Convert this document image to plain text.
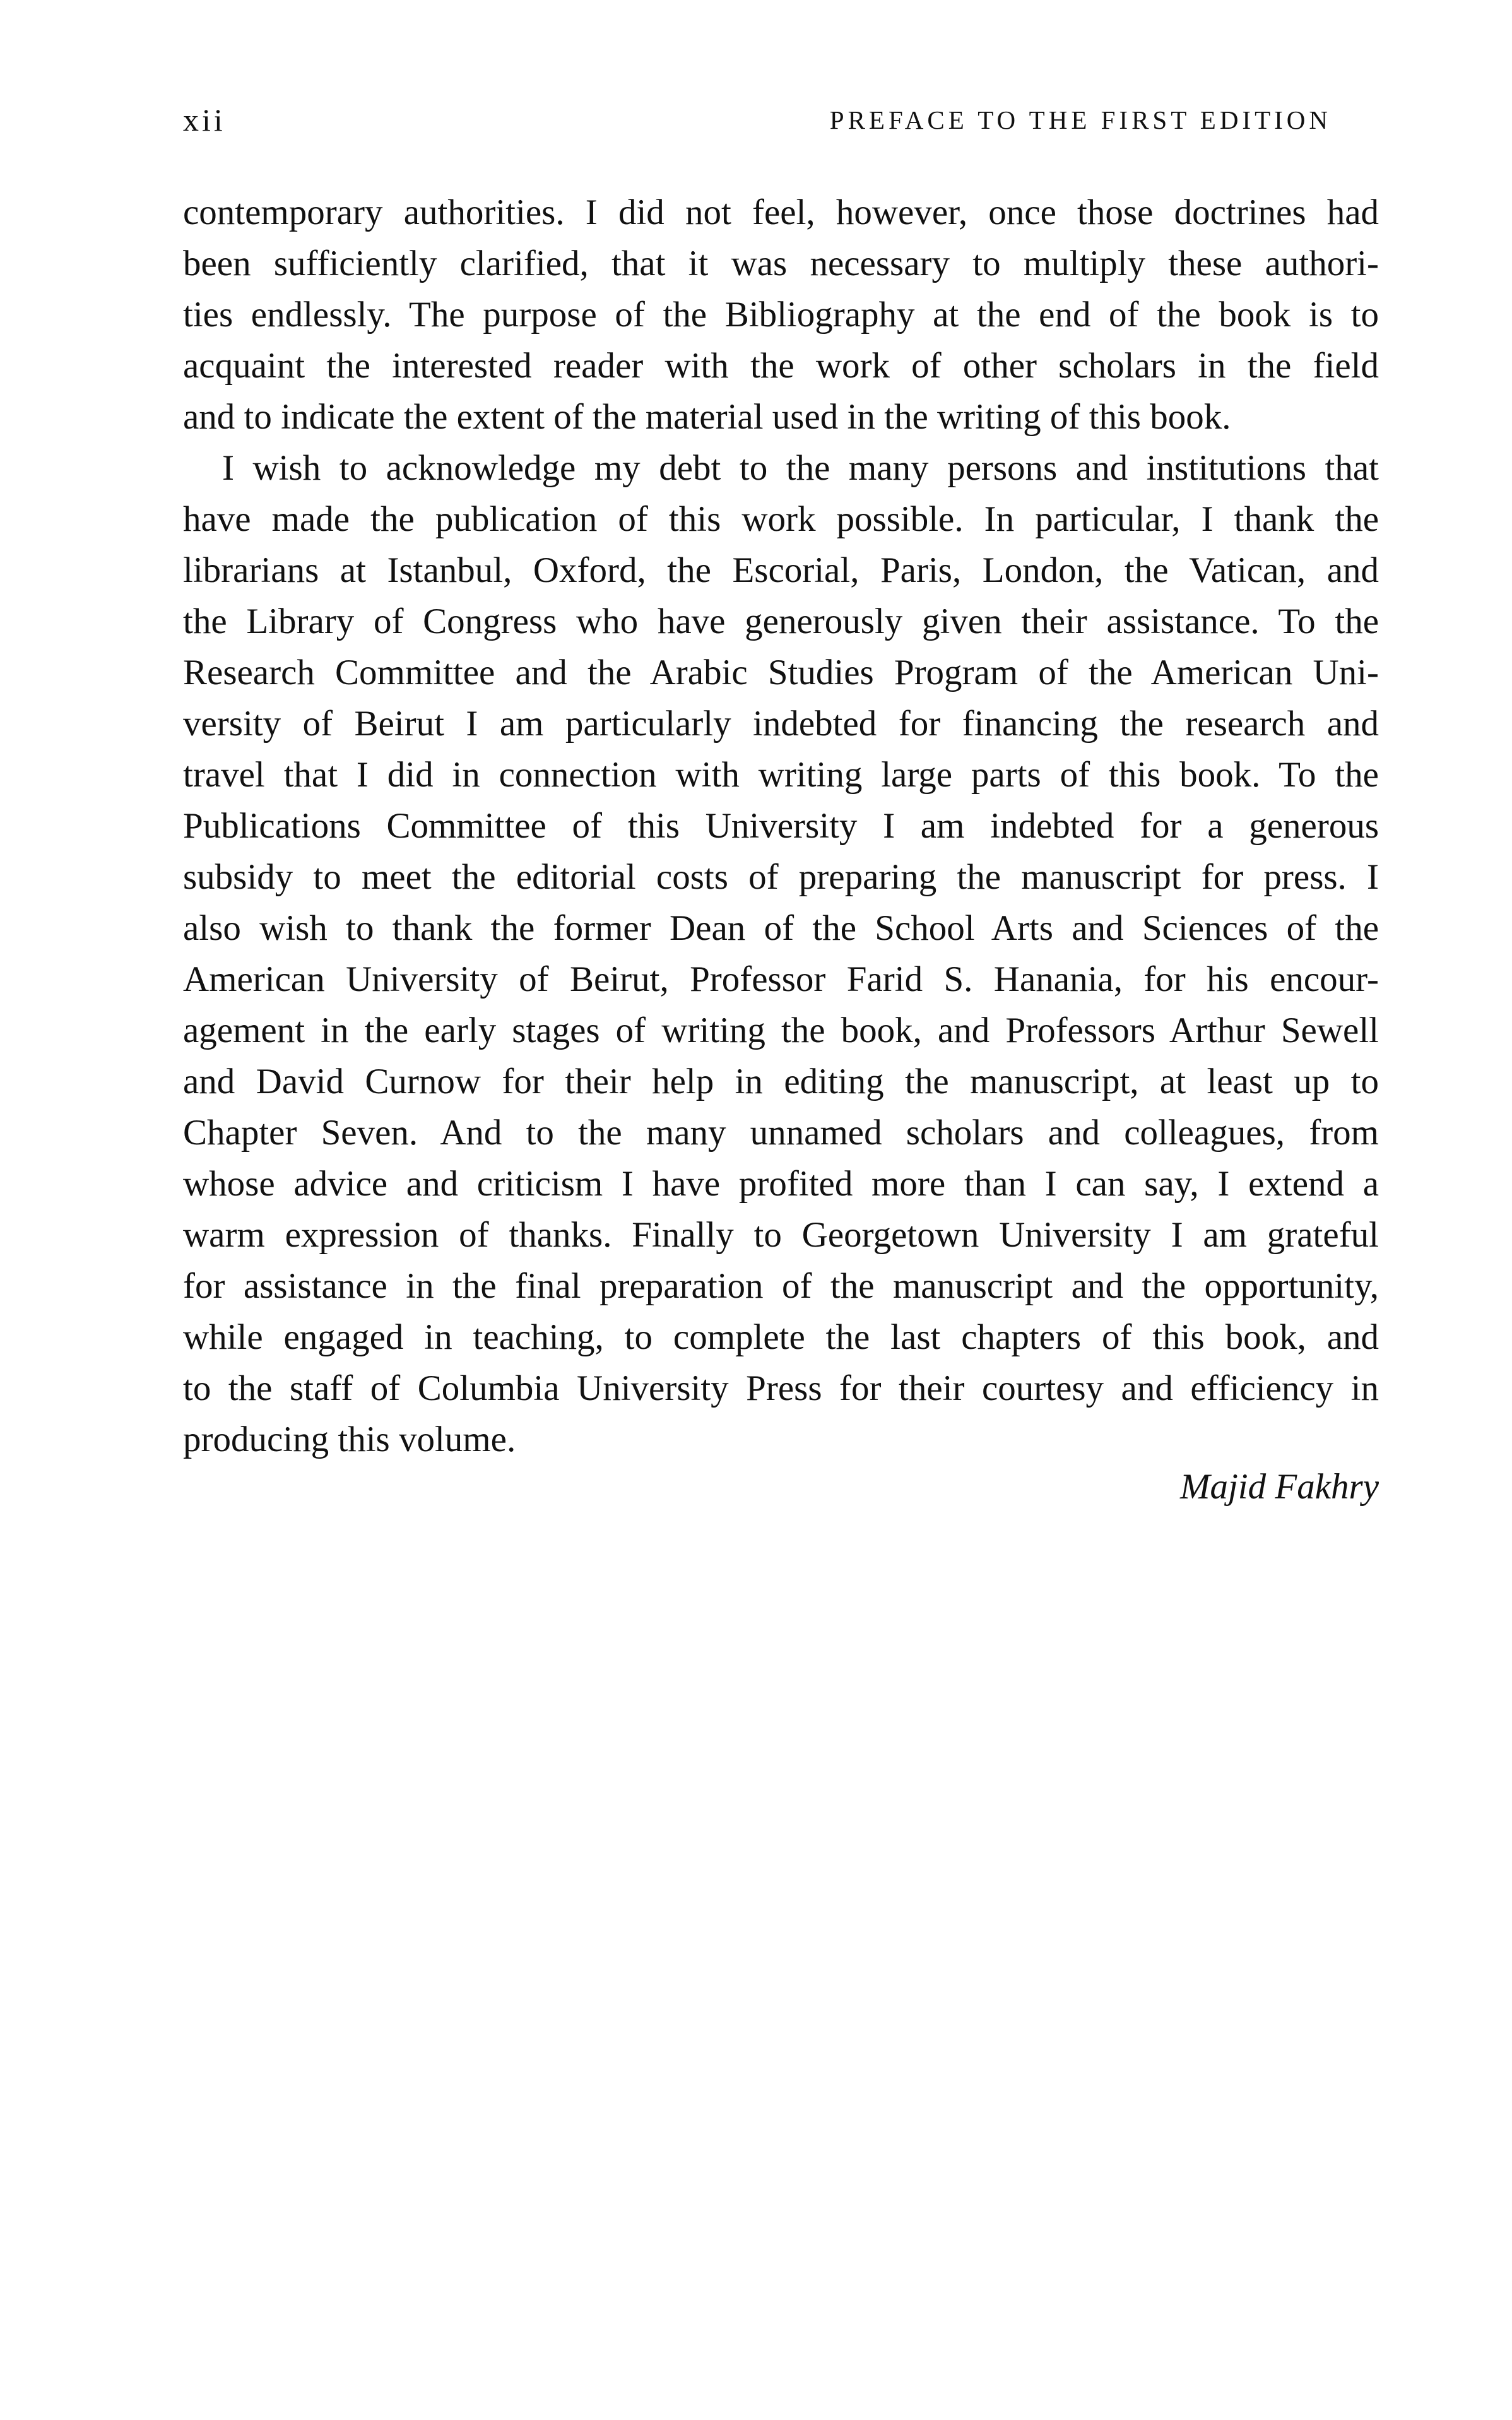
xii	PREFACE TO THE FIRST EDITION
contemporary authorities. I did not feel, however, once those doctrines had
been sufficiently clarified, that it was necessary to multiply these authori-
ties endlessly. The purpose of the Bibliography at the end of the book is to
acquaint the interested reader with the work of other scholars in the field
and to indicate the extent of the material used in the writing of this book.
I wish to acknowledge my debt to the many persons and institutions that
have made the publication of this work possible. In particular, I thank the
librarians at Istanbul, Oxford, the Escorial, Paris, London, the Vatican, and
the Library of Congress who have generously given their assistance. To the
Research Committee and the Arabic Studies Program of the American Uni-
versity of Beirut I am particularly indebted for financing the research and
travel that I did in connection with writing large parts of this book. To the
Publications Committee of this University I am indebted for a generous
subsidy to meet the editorial costs of preparing the manuscript for press. I
also wish to thank the former Dean of the School Arts and Sciences of the
American University of Beirut, Professor Farid S. Hanania, for his encour-
agement in the early stages of writing the book, and Professors Arthur Sewell
and David Curnow for their help in editing the manuscript, at least up to
Chapter Seven. And to the many unnamed scholars and colleagues, from
whose advice and criticism I have profited more than I can say, I extend a
warm expression of thanks. Finally to Georgetown University I am grateful
for assistance in the final preparation of the manuscript and the opportunity,
while engaged in teaching, to complete the last chapters of this book, and
to the staff of Columbia University Press for their courtesy and efficiency in
producing this volume.
Majid Fakhry
